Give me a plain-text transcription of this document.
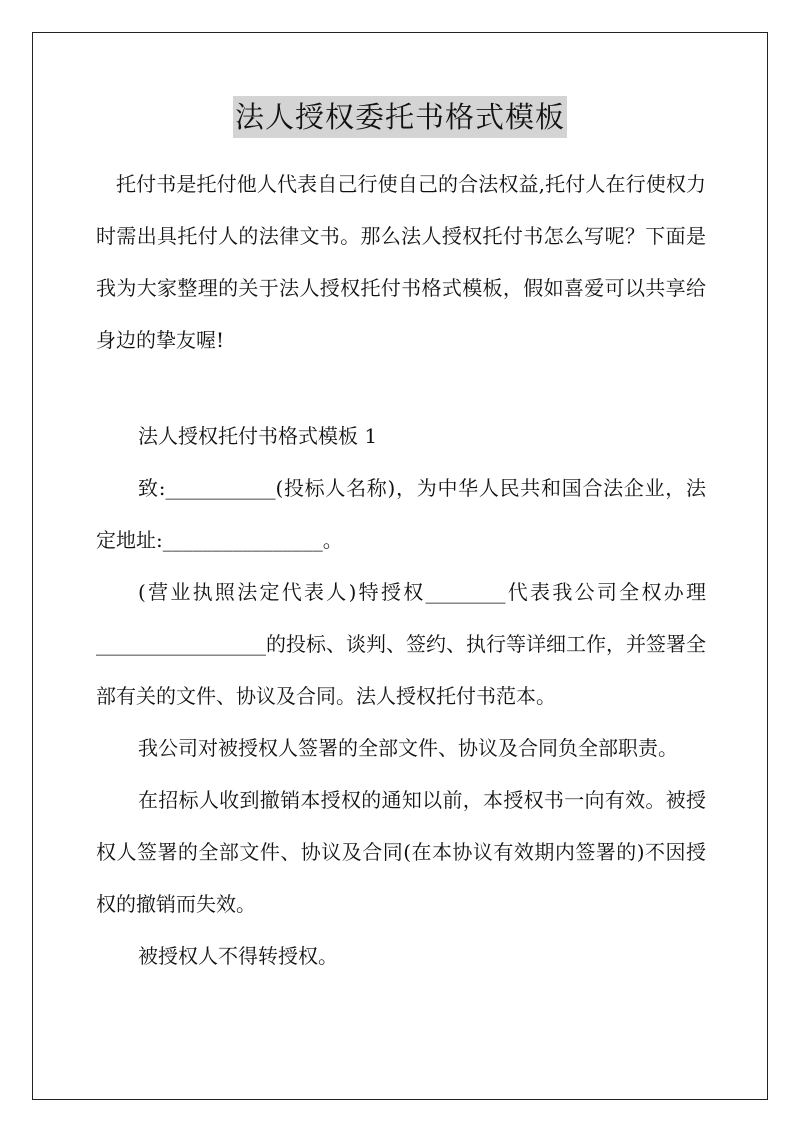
法人授权委托书格式模板

托付书是托付他人代表自己行使自己的合法权益,托付人在行使权力时需出具托付人的法律文书。那么法人授权托付书怎么写呢？下面是我为大家整理的关于法人授权托付书格式模板，假如喜爱可以共享给身边的挚友喔!

法人授权托付书格式模板 1

致:___________(投标人名称)，为中华人民共和国合法企业，法定地址:________________。

(营业执照法定代表人)特授权________代表我公司全权办理_________________的投标、谈判、签约、执行等详细工作，并签署全部有关的文件、协议及合同。法人授权托付书范本。

我公司对被授权人签署的全部文件、协议及合同负全部职责。

在招标人收到撤销本授权的通知以前，本授权书一向有效。被授权人签署的全部文件、协议及合同(在本协议有效期内签署的)不因授权的撤销而失效。

被授权人不得转授权。
